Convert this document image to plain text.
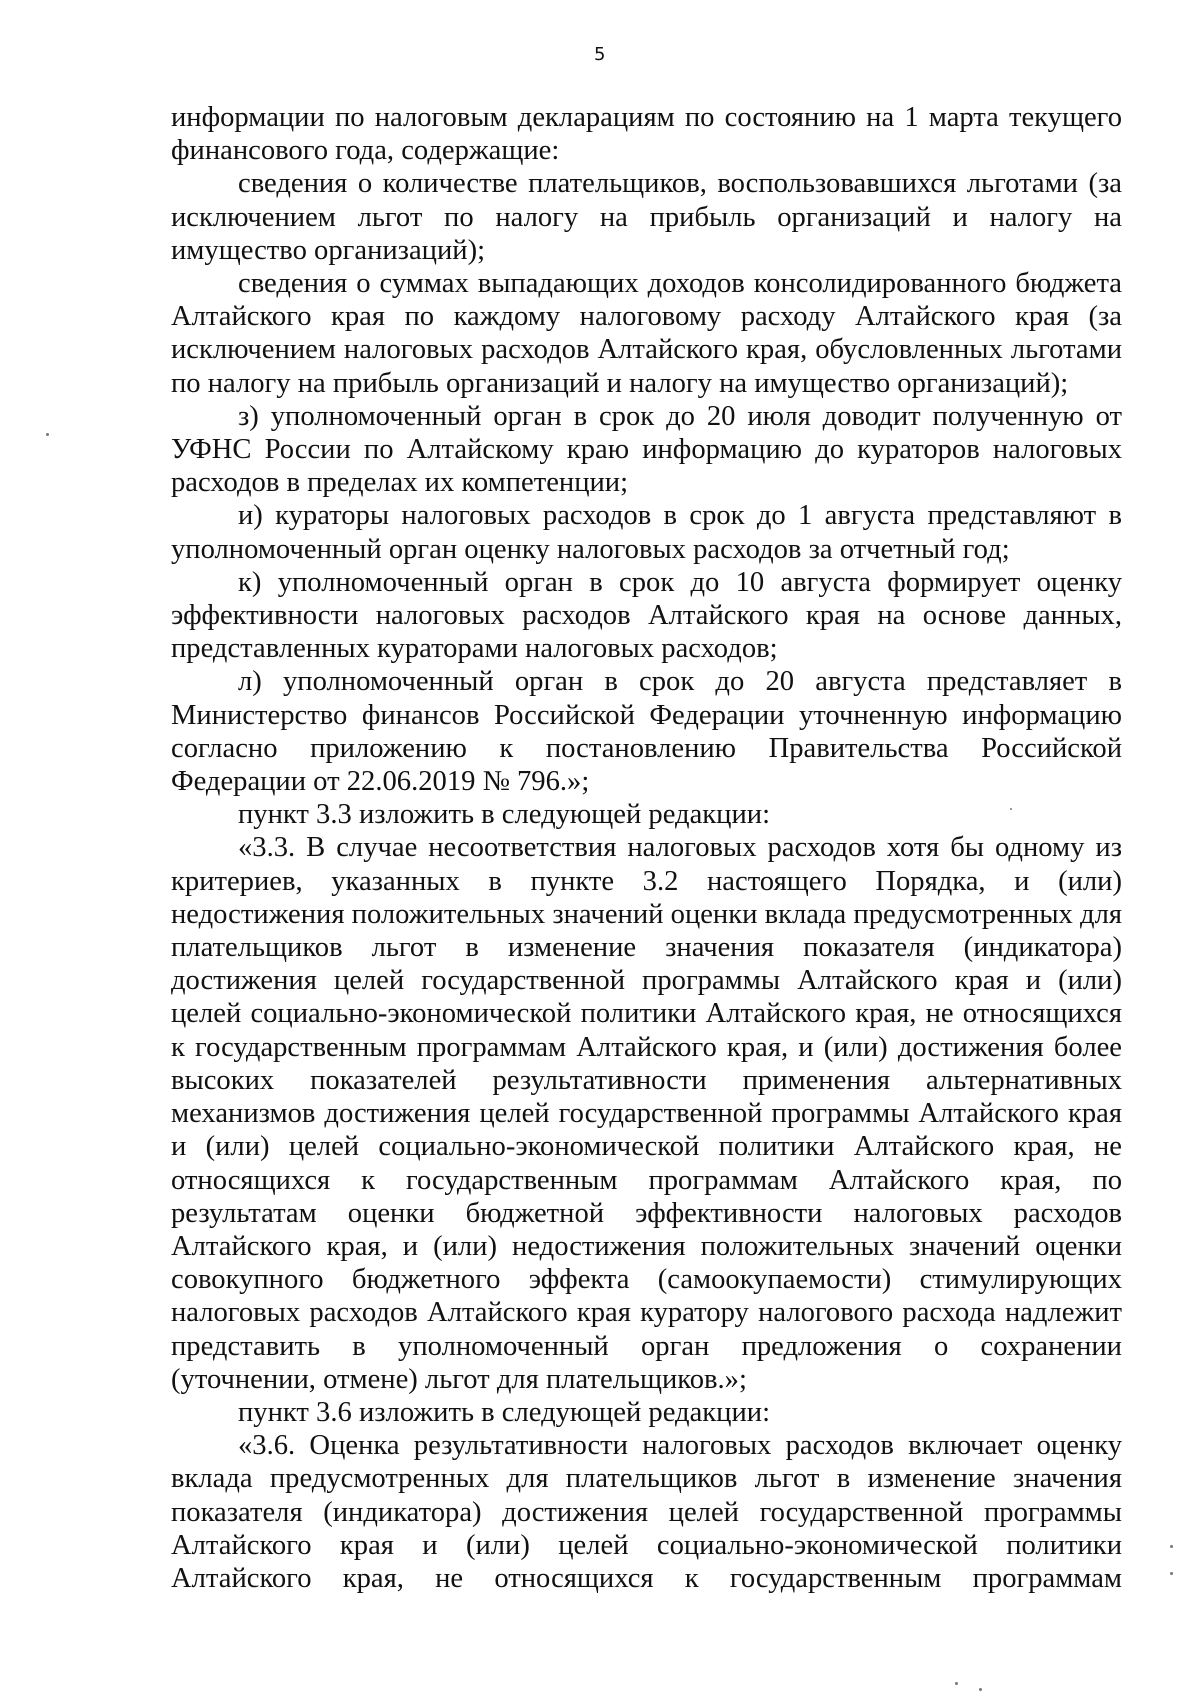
5

информации по налоговым декларациям по состоянию на 1 марта текущего финансового года, содержащие:

сведения о количестве плательщиков, воспользовавшихся льготами (за исключением льгот по налогу на прибыль организаций и налогу на имущество организаций);

сведения о суммах выпадающих доходов консолидированного бюджета Алтайского края по каждому налоговому расходу Алтайского края (за исключением налоговых расходов Алтайского края, обусловленных льготами по налогу на прибыль организаций и налогу на имущество организаций);

з) уполномоченный орган в срок до 20 июля доводит полученную от УФНС России по Алтайскому краю информацию до кураторов налоговых расходов в пределах их компетенции;

и) кураторы налоговых расходов в срок до 1 августа представляют в уполномоченный орган оценку налоговых расходов за отчетный год;

к) уполномоченный орган в срок до 10 августа формирует оценку эффективности налоговых расходов Алтайского края на основе данных, представленных кураторами налоговых расходов;

л) уполномоченный орган в срок до 20 августа представляет в Министерство финансов Российской Федерации уточненную информацию согласно приложению к постановлению Правительства Российской Федерации от 22.06.2019 № 796.»;

пункт 3.3 изложить в следующей редакции:

«3.3. В случае несоответствия налоговых расходов хотя бы одному из критериев, указанных в пункте 3.2 настоящего Порядка, и (или) недостижения положительных значений оценки вклада предусмотренных для плательщиков льгот в изменение значения показателя (индикатора) достижения целей государственной программы Алтайского края и (или) целей социально-экономической политики Алтайского края, не относящихся к государственным программам Алтайского края, и (или) достижения более высоких показателей результативности применения альтернативных механизмов достижения целей государственной программы Алтайского края и (или) целей социально-экономической политики Алтайского края, не относящихся к государственным программам Алтайского края, по результатам оценки бюджетной эффективности налоговых расходов Алтайского края, и (или) недостижения положительных значений оценки совокупного бюджетного эффекта (самоокупаемости) стимулирующих налоговых расходов Алтайского края куратору налогового расхода надлежит представить в уполномоченный орган предложения о сохранении (уточнении, отмене) льгот для плательщиков.»;

пункт 3.6 изложить в следующей редакции:

«3.6. Оценка результативности налоговых расходов включает оценку вклада предусмотренных для плательщиков льгот в изменение значения показателя (индикатора) достижения целей государственной программы Алтайского края и (или) целей социально-экономической политики Алтайского края, не относящихся к государственным программам
